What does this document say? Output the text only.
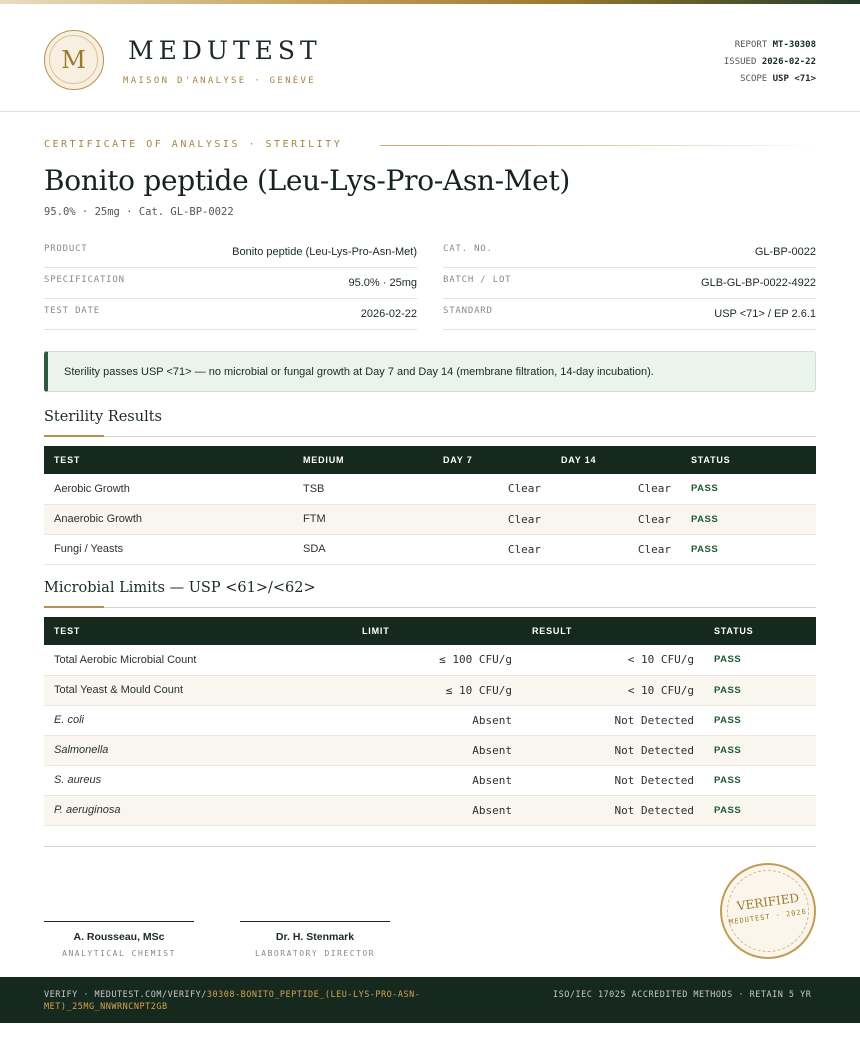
M	MEDUTEST
MAISON D'ANALYSE · GENÈVE
REPORT MT-30308
ISSUED 2026-02-22
SCOPE USP <71>
CERTIFICATE OF ANALYSIS · STERILITY
Bonito peptide (Leu-Lys-Pro-Asn-Met)
95.0% · 25mg · Cat. GL-BP-0022
PRODUCT	Bonito peptide (Leu-Lys-Pro-Asn-Met)
SPECIFICATION	95.0% · 25mg
TEST DATE	2026-02-22
CAT. NO.	GL-BP-0022
BATCH / LOT	GLB-GL-BP-0022-4922
STANDARD	USP <71> / EP 2.6.1
Sterility passes USP <71> — no microbial or fungal growth at Day 7 and Day 14 (membrane filtration, 14-day incubation).
Sterility Results
TEST	MEDIUM	DAY 7	DAY 14	STATUS
Aerobic Growth	TSB	Clear	Clear	PASS
Anaerobic Growth	FTM	Clear	Clear	PASS
Fungi / Yeasts	SDA	Clear	Clear	PASS
Microbial Limits — USP <61>/<62>
TEST	LIMIT	RESULT	STATUS
Total Aerobic Microbial Count	≤ 100 CFU/g	< 10 CFU/g	PASS
Total Yeast & Mould Count	≤ 10 CFU/g	< 10 CFU/g	PASS
E. coli	Absent	Not Detected	PASS
Salmonella	Absent	Not Detected	PASS
S. aureus	Absent	Not Detected	PASS
P. aeruginosa	Absent	Not Detected	PASS
A. Rousseau, MSc
ANALYTICAL CHEMIST
Dr. H. Stenmark
LABORATORY DIRECTOR
VERIFIED
MEDUTEST · 2026
VERIFY · MEDUTEST.COM/VERIFY/30308-BONITO_PEPTIDE_(LEU-LYS-PRO-ASN-MET)_25MG_NNWRNCNPT2GB
ISO/IEC 17025 ACCREDITED METHODS · RETAIN 5 YR
